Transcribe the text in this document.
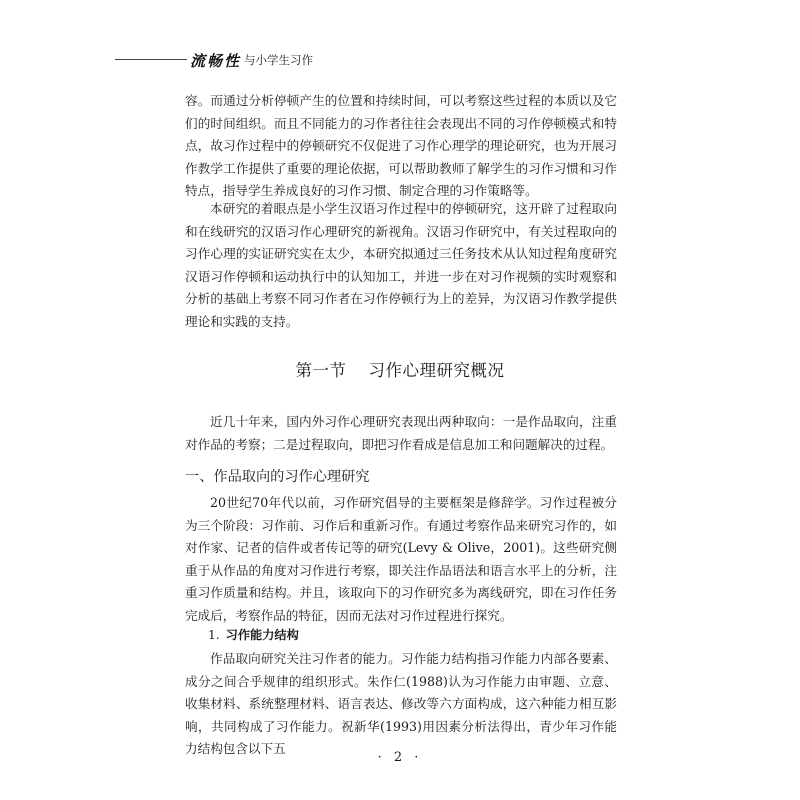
流畅性 与小学生习作

容。而通过分析停顿产生的位置和持续时间，可以考察这些过程的本质以及它们的时间组织。而且不同能力的习作者往往会表现出不同的习作停顿模式和特点，故习作过程中的停顿研究不仅促进了习作心理学的理论研究，也为开展习作教学工作提供了重要的理论依据，可以帮助教师了解学生的习作习惯和习作特点，指导学生养成良好的习作习惯、制定合理的习作策略等。

本研究的着眼点是小学生汉语习作过程中的停顿研究，这开辟了过程取向和在线研究的汉语习作心理研究的新视角。汉语习作研究中，有关过程取向的习作心理的实证研究实在太少，本研究拟通过三任务技术从认知过程角度研究汉语习作停顿和运动执行中的认知加工，并进一步在对习作视频的实时观察和分析的基础上考察不同习作者在习作停顿行为上的差异，为汉语习作教学提供理论和实践的支持。

第一节 习作心理研究概况

近几十年来，国内外习作心理研究表现出两种取向：一是作品取向，注重对作品的考察；二是过程取向，即把习作看成是信息加工和问题解决的过程。

一、作品取向的习作心理研究

20世纪70年代以前，习作研究倡导的主要框架是修辞学。习作过程被分为三个阶段：习作前、习作后和重新习作。有通过考察作品来研究习作的，如对作家、记者的信件或者传记等的研究(Levy & Olive，2001)。这些研究侧重于从作品的角度对习作进行考察，即关注作品语法和语言水平上的分析，注重习作质量和结构。并且，该取向下的习作研究多为离线研究，即在习作任务完成后，考察作品的特征，因而无法对习作过程进行探究。

1. 习作能力结构

作品取向研究关注习作者的能力。习作能力结构指习作能力内部各要素、成分之间合乎规律的组织形式。朱作仁(1988)认为习作能力由审题、立意、收集材料、系统整理材料、语言表达、修改等六方面构成，这六种能力相互影响，共同构成了习作能力。祝新华(1993)用因素分析法得出，青少年习作能力结构包含以下五

· 2 ·
